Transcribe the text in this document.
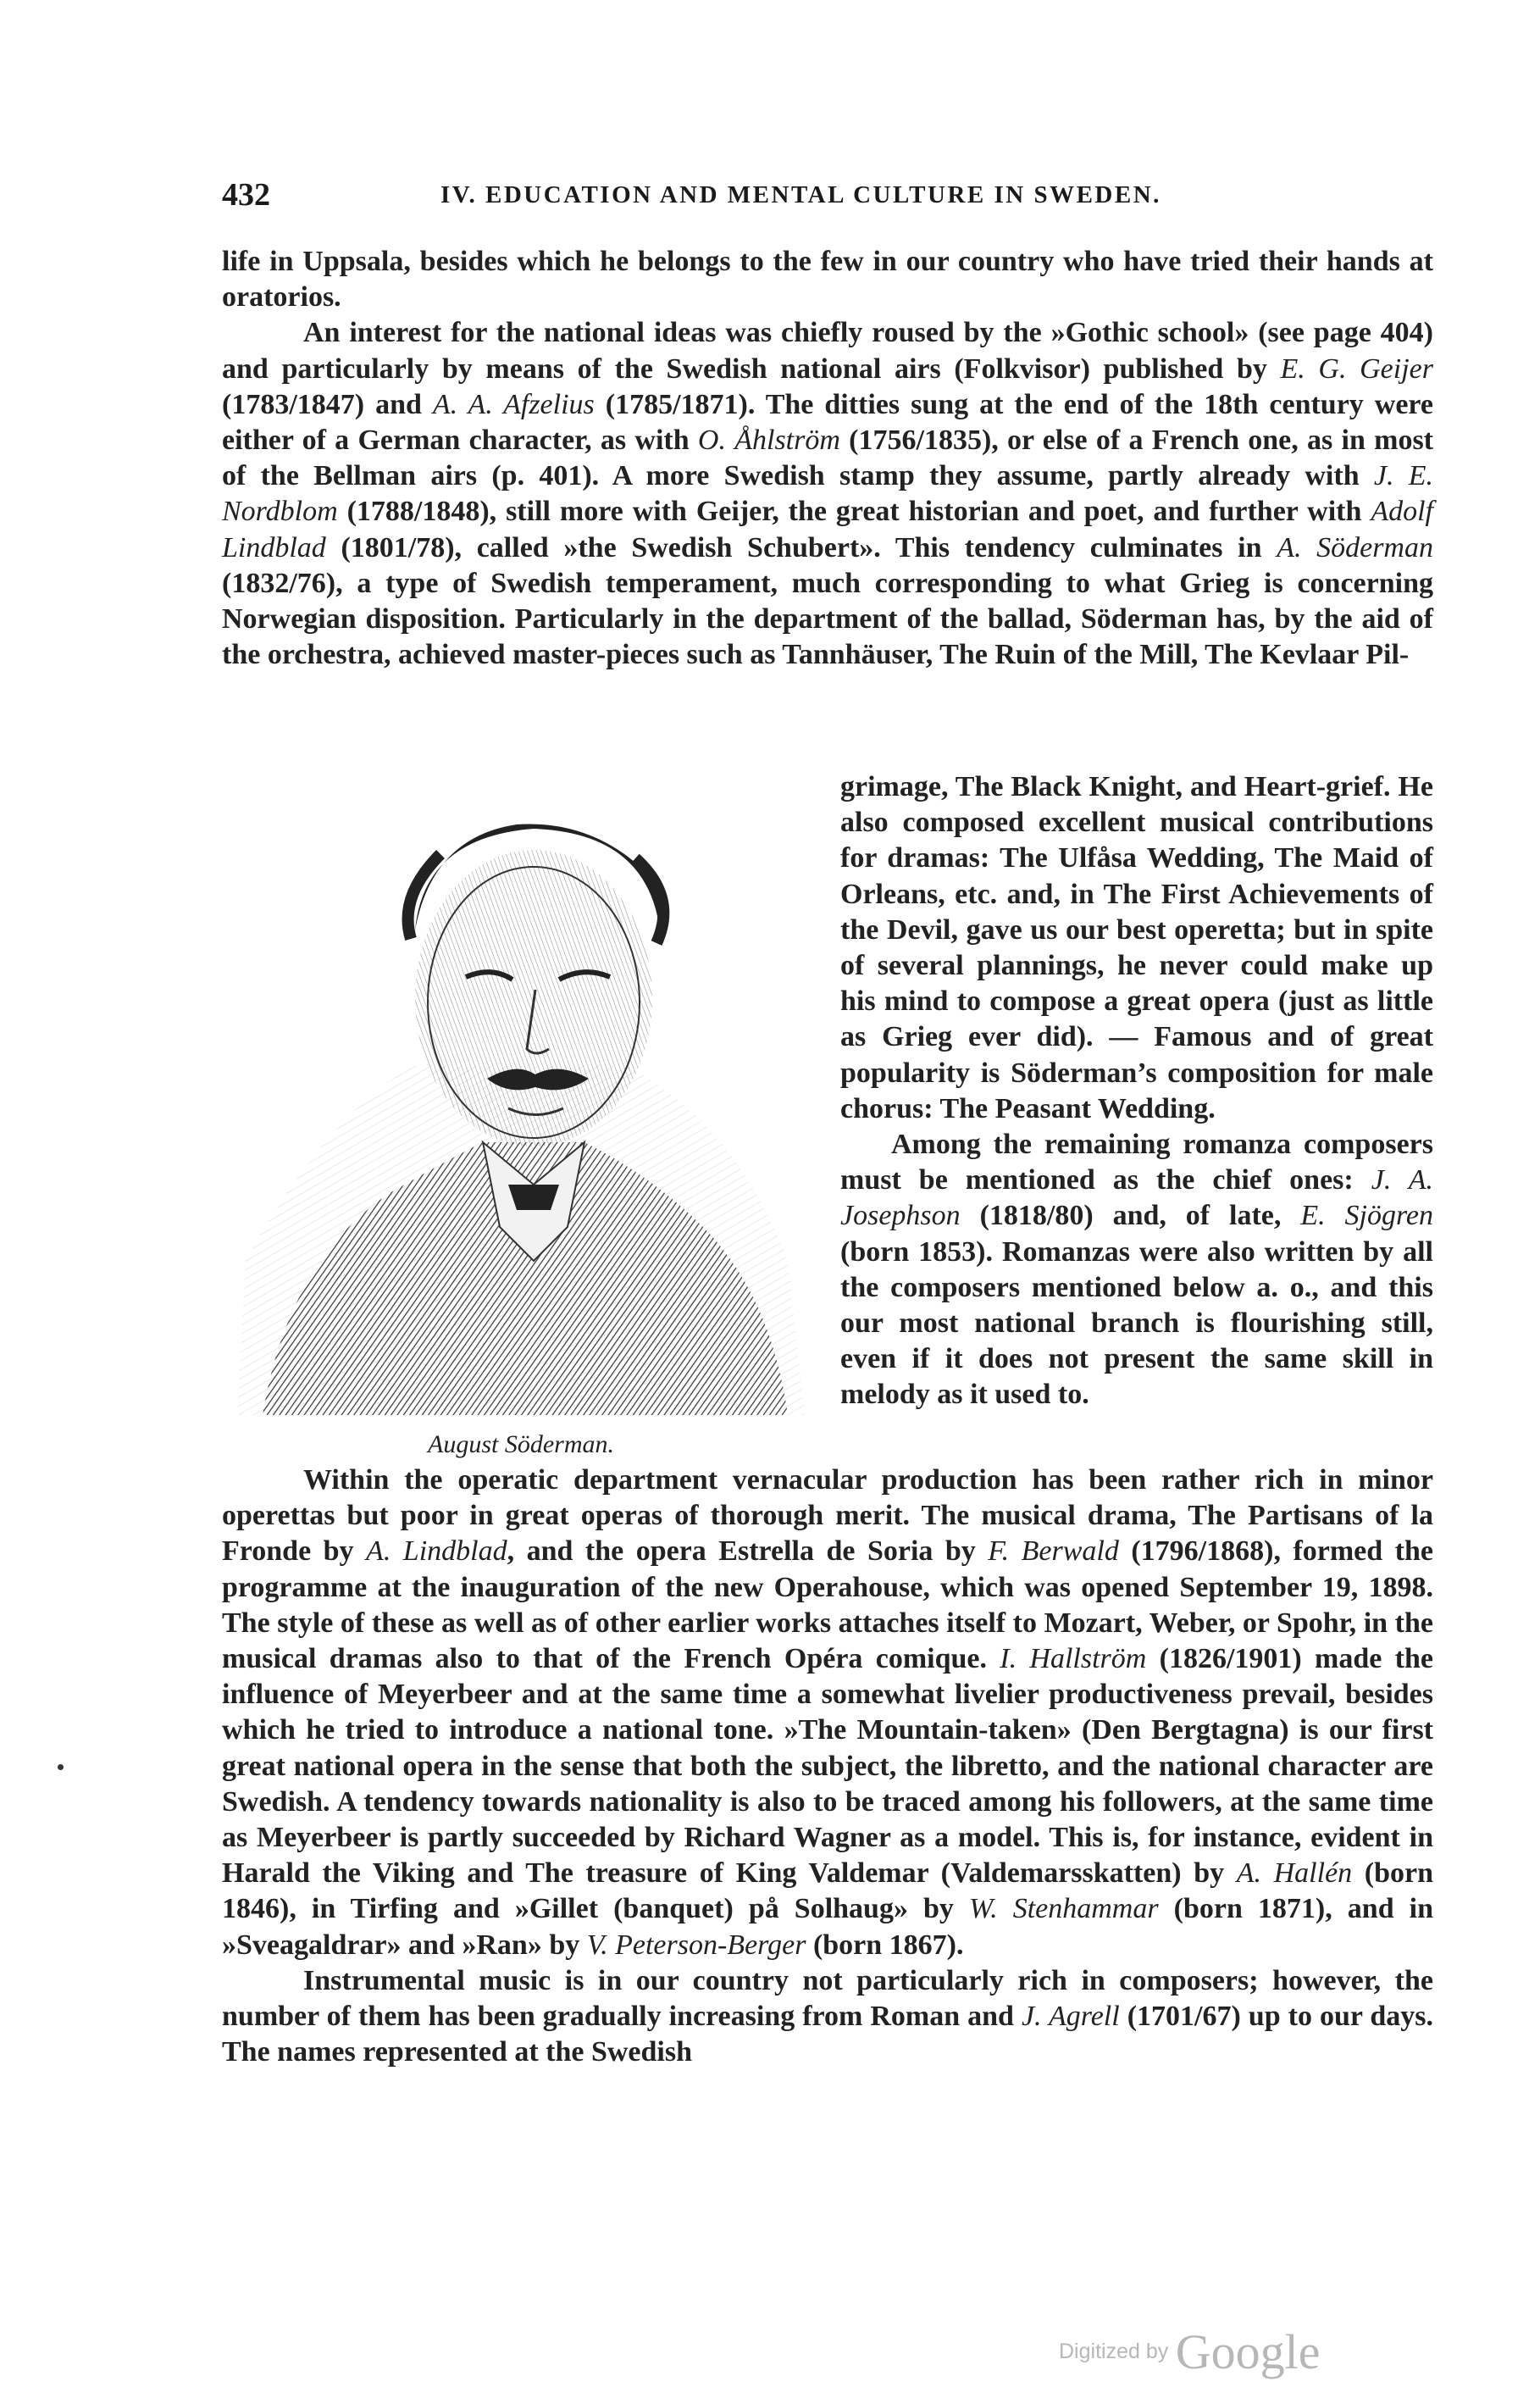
432	IV. EDUCATION AND MENTAL CULTURE IN SWEDEN.

life in Uppsala, besides which he belongs to the few in our country who have tried their hands at oratorios.

An interest for the national ideas was chiefly roused by the »Gothic school» (see page 404) and particularly by means of the Swedish national airs (Folkvisor) published by E. G. Geijer (1783/1847) and A. A. Afzelius (1785/1871). The ditties sung at the end of the 18th century were either of a German character, as with O. Åhlström (1756/1835), or else of a French one, as in most of the Bellman airs (p. 401). A more Swedish stamp they assume, partly already with J. E. Nordblom (1788/1848), still more with Geijer, the great historian and poet, and further with Adolf Lindblad (1801/78), called »the Swedish Schubert». This tendency culminates in A. Söderman (1832/76), a type of Swedish temperament, much corresponding to what Grieg is concerning Norwegian disposition. Particularly in the department of the ballad, Söderman has, by the aid of the orchestra, achieved master-pieces such as Tannhäuser, The Ruin of the Mill, The Kevlaar Pil-

August Söderman.

grimage, The Black Knight, and Heart-grief. He also composed excellent musical contributions for dramas: The Ulfåsa Wedding, The Maid of Orleans, etc. and, in The First Achievements of the Devil, gave us our best operetta; but in spite of several plannings, he never could make up his mind to compose a great opera (just as little as Grieg ever did). — Famous and of great popularity is Söderman’s composition for male chorus: The Peasant Wedding.

Among the remaining romanza composers must be mentioned as the chief ones: J. A. Josephson (1818/80) and, of late, E. Sjögren (born 1853). Romanzas were also written by all the composers mentioned below a. o., and this our most national branch is flourishing still, even if it does not present the same skill in melody as it used to.

Within the operatic department vernacular production has been rather rich in minor operettas but poor in great operas of thorough merit. The musical drama, The Partisans of la Fronde by A. Lindblad, and the opera Estrella de Soria by F. Berwald (1796/1868), formed the programme at the inauguration of the new Operahouse, which was opened September 19, 1898. The style of these as well as of other earlier works attaches itself to Mozart, Weber, or Spohr, in the musical dramas also to that of the French Opéra comique. I. Hallström (1826/1901) made the influence of Meyerbeer and at the same time a somewhat livelier productiveness prevail, besides which he tried to introduce a national tone. »The Mountain-taken» (Den Bergtagna) is our first great national opera in the sense that both the subject, the libretto, and the national character are Swedish. A tendency towards nationality is also to be traced among his followers, at the same time as Meyerbeer is partly succeeded by Richard Wagner as a model. This is, for instance, evident in Harald the Viking and The treasure of King Valdemar (Valdemarsskatten) by A. Hallén (born 1846), in Tirfing and »Gillet (banquet) på Solhaug» by W. Stenhammar (born 1871), and in »Sveagaldrar» and »Ran» by V. Peterson-Berger (born 1867).

Instrumental music is in our country not particularly rich in composers; however, the number of them has been gradually increasing from Roman and J. Agrell (1701/67) up to our days. The names represented at the Swedish

Digitized by Google
